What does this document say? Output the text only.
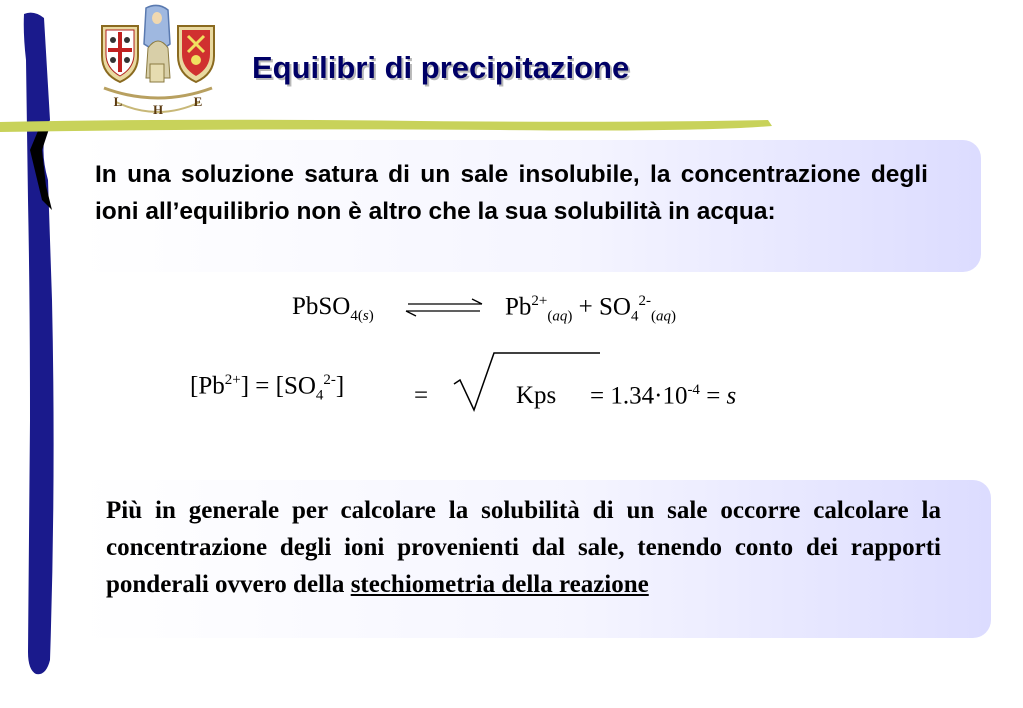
L
H
E
Equilibri di precipitazione
In una soluzione satura di un sale insolubile, la concentrazione degli ioni all’equilibrio non è altro che la sua solubilità in acqua:
PbSO$_{4(s)}$	$Pb^{2+}_{(aq)} + SO_4^{2-}_{(aq)}$
$[Pb^{2+}] = [SO_4^{2-}]$	=	Kps = $1.34\cdot 10^{-4} = s$
Più in generale per calcolare la solubilità di un sale occorre calcolare la concentrazione degli ioni provenienti dal sale, tenendo conto dei rapporti ponderali ovvero della stechiometria della reazione
